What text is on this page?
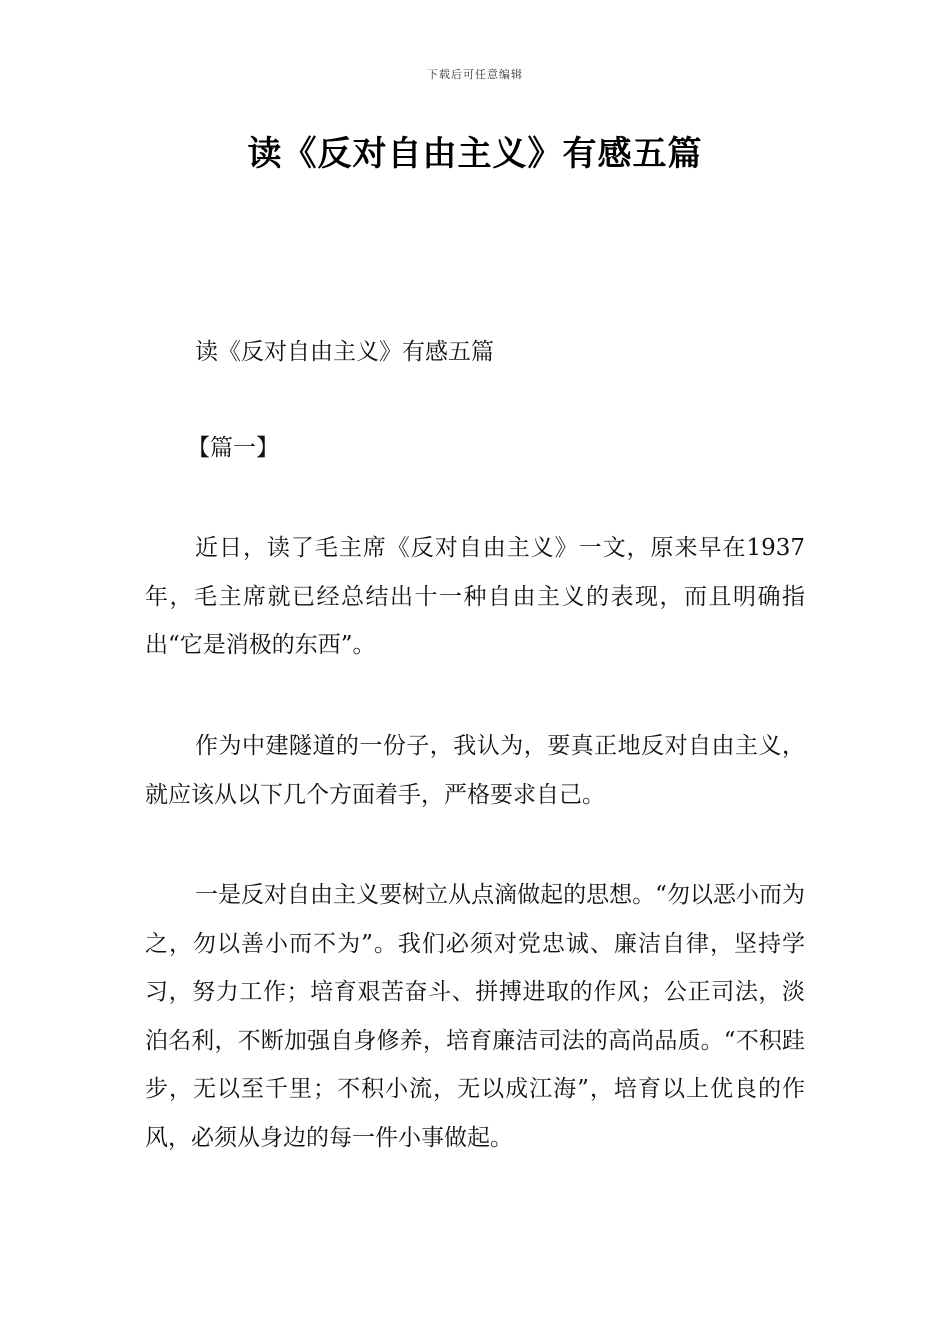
下载后可任意编辑
读《反对自由主义》有感五篇

读《反对自由主义》有感五篇

【篇一】

近日，读了毛主席《反对自由主义》一文，原来早在1937年，毛主席就已经总结出十一种自由主义的表现，而且明确指出“它是消极的东西”。

作为中建隧道的一份子，我认为，要真正地反对自由主义，就应该从以下几个方面着手，严格要求自己。

一是反对自由主义要树立从点滴做起的思想。“勿以恶小而为之，勿以善小而不为”。我们必须对党忠诚、廉洁自律，坚持学习，努力工作；培育艰苦奋斗、拼搏进取的作风；公正司法，淡泊名利，不断加强自身修养，培育廉洁司法的高尚品质。“不积跬步，无以至千里；不积小流，无以成江海”，培育以上优良的作风，必须从身边的每一件小事做起。
